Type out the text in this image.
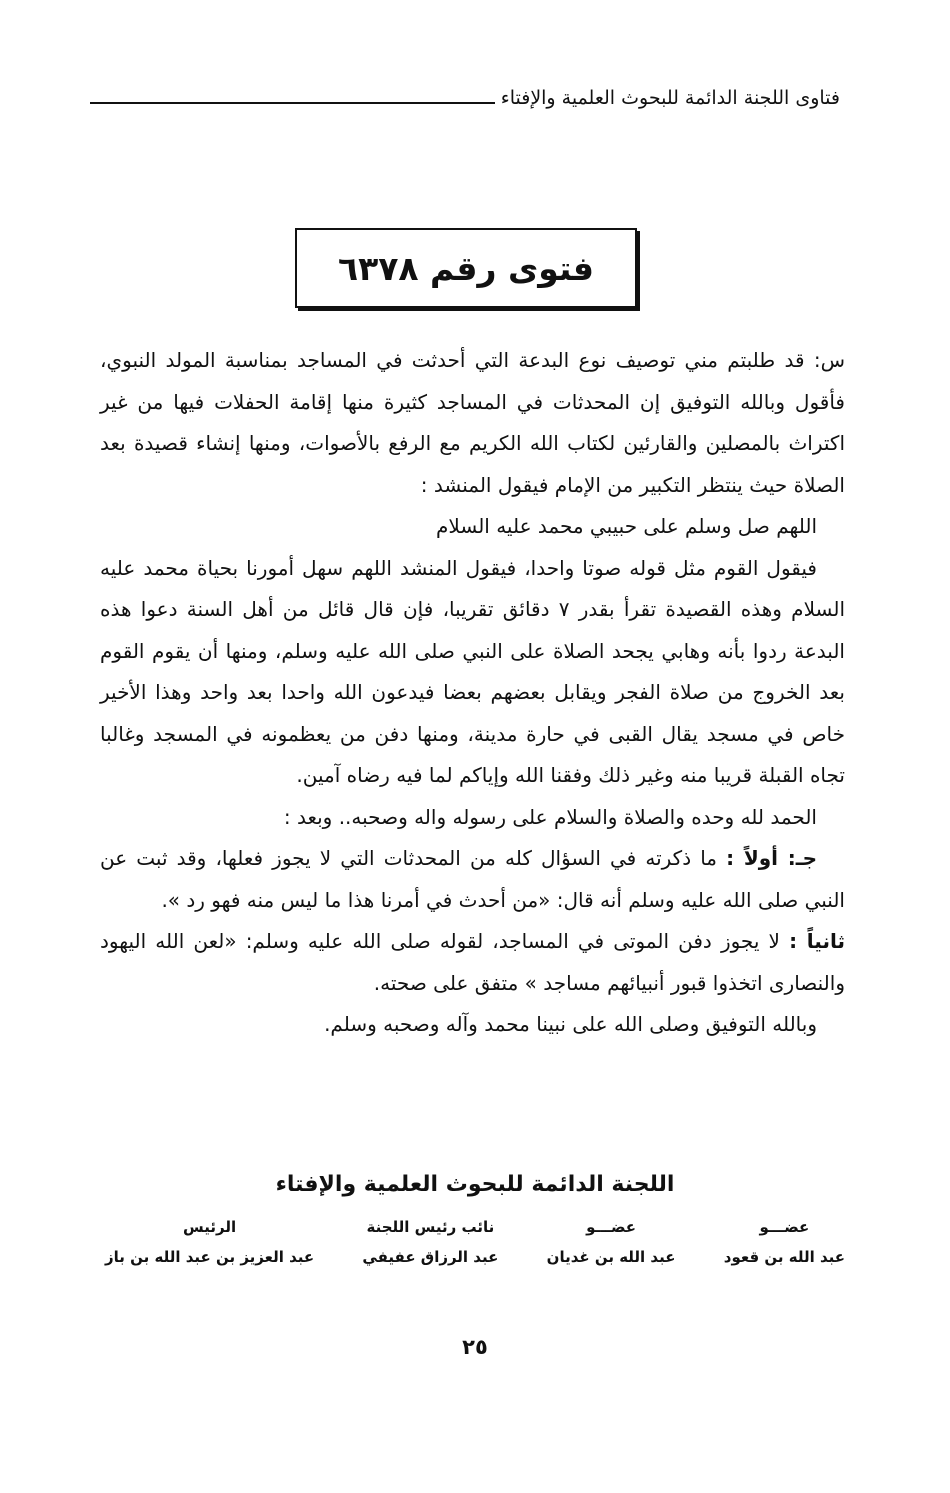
فتاوى اللجنة الدائمة للبحوث العلمية والإفتاء
فتوى رقم ٦٣٧٨

س: قد طلبتم مني توصيف نوع البدعة التي أحدثت في المساجد بمناسبة المولد النبوي، فأقول وبالله التوفيق إن المحدثات في المساجد كثيرة منها إقامة الحفلات فيها من غير اكتراث بالمصلين والقارئين لكتاب الله الكريم مع الرفع بالأصوات، ومنها إنشاء قصيدة بعد الصلاة حيث ينتظر التكبير من الإمام فيقول المنشد :

اللهم صل وسلم على حبيبي محمد عليه السلام

فيقول القوم مثل قوله صوتا واحدا، فيقول المنشد اللهم سهل أمورنا بحياة محمد عليه السلام وهذه القصيدة تقرأ بقدر ٧ دقائق تقريبا، فإن قال قائل من أهل السنة دعوا هذه البدعة ردوا بأنه وهابي يجحد الصلاة على النبي صلى الله عليه وسلم، ومنها أن يقوم القوم بعد الخروج من صلاة الفجر ويقابل بعضهم بعضا فيدعون الله واحدا بعد واحد وهذا الأخير خاص في مسجد يقال القبى في حارة مدينة، ومنها دفن من يعظمونه في المسجد وغالبا تجاه القبلة قريبا منه وغير ذلك وفقنا الله وإياكم لما فيه رضاه آمين.

الحمد لله وحده والصلاة والسلام على رسوله واله وصحبه.. وبعد :

جـ: أولاً : ما ذكرته في السؤال كله من المحدثات التي لا يجوز فعلها، وقد ثبت عن النبي صلى الله عليه وسلم أنه قال: «من أحدث في أمرنا هذا ما ليس منه فهو رد ».

ثانياً : لا يجوز دفن الموتى في المساجد، لقوله صلى الله عليه وسلم: «لعن الله اليهود والنصارى اتخذوا قبور أنبيائهم مساجد » متفق على صحته.

وبالله التوفيق وصلى الله على نبينا محمد وآله وصحبه وسلم.

اللجنة الدائمة للبحوث العلمية والإفتاء
عضـــو
عبد الله بن قعود
عضـــو
عبد الله بن غديان
نائب رئيس اللجنة
عبد الرزاق عفيفي
الرئيس
عبد العزيز بن عبد الله بن باز
٢٥
